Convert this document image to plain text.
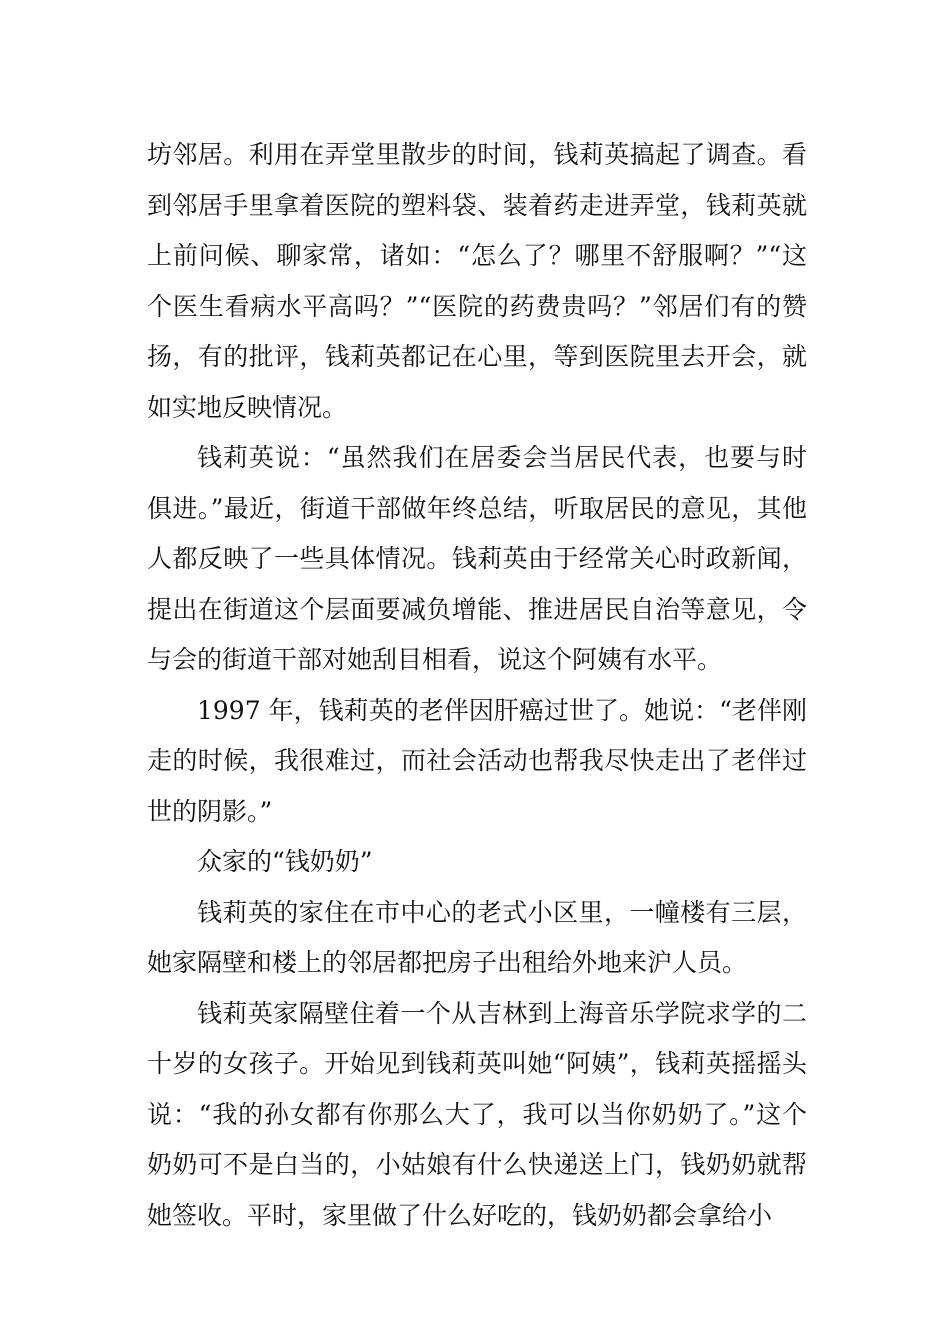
坊邻居。利用在弄堂里散步的时间，钱莉英搞起了调查。看到邻居手里拿着医院的塑料袋、装着药走进弄堂，钱莉英就上前问候、聊家常，诸如：“怎么了？哪里不舒服啊？”“这个医生看病水平高吗？”“医院的药费贵吗？”邻居们有的赞扬，有的批评，钱莉英都记在心里，等到医院里去开会，就如实地反映情况。

钱莉英说：“虽然我们在居委会当居民代表，也要与时俱进。”最近，街道干部做年终总结，听取居民的意见，其他人都反映了一些具体情况。钱莉英由于经常关心时政新闻，提出在街道这个层面要减负增能、推进居民自治等意见，令与会的街道干部对她刮目相看，说这个阿姨有水平。

1997 年，钱莉英的老伴因肝癌过世了。她说：“老伴刚走的时候，我很难过，而社会活动也帮我尽快走出了老伴过世的阴影。”

众家的“钱奶奶”

钱莉英的家住在市中心的老式小区里，一幢楼有三层，她家隔壁和楼上的邻居都把房子出租给外地来沪人员。

钱莉英家隔壁住着一个从吉林到上海音乐学院求学的二十岁的女孩子。开始见到钱莉英叫她“阿姨”，钱莉英摇摇头说：“我的孙女都有你那么大了，我可以当你奶奶了。”这个奶奶可不是白当的，小姑娘有什么快递送上门，钱奶奶就帮她签收。平时，家里做了什么好吃的，钱奶奶都会拿给小
